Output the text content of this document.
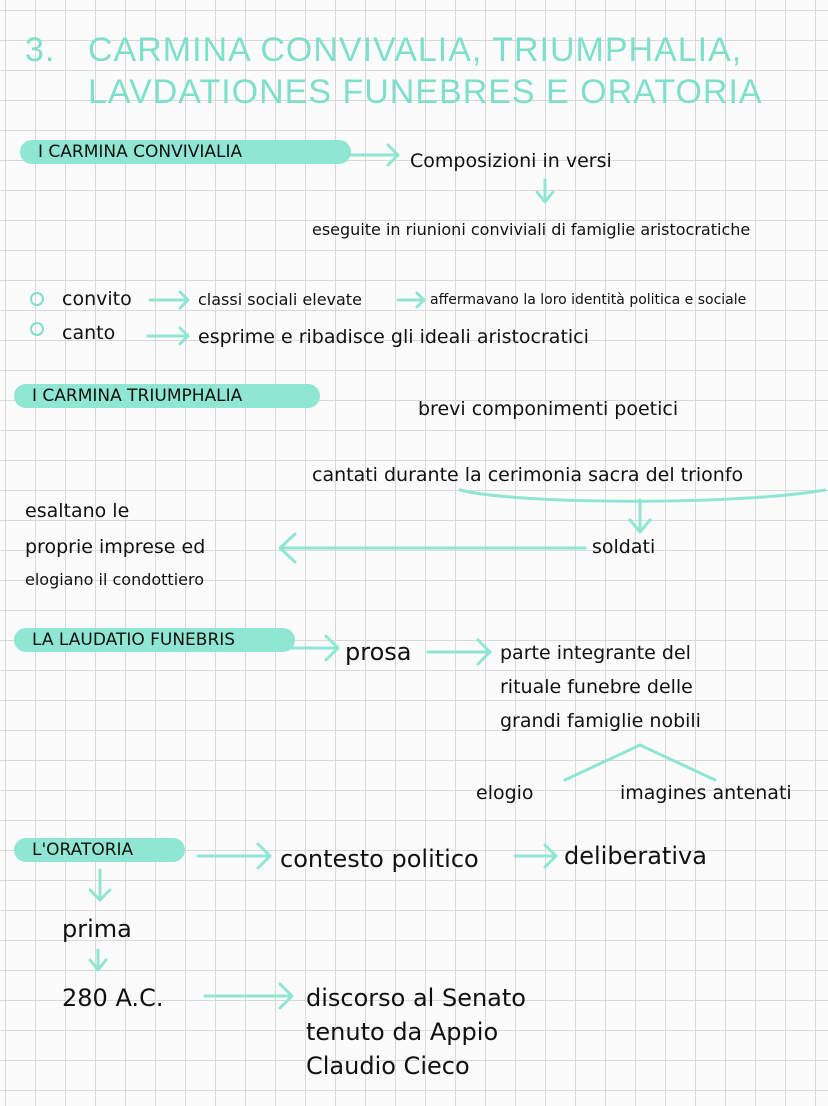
3. CARMINA CONVIVALIA, TRIUMPHALIA,
LAVDATIONES FUNEBRES E ORATORIA
I CARMINA CONVIVIALIA	Composizioni in versi
eseguite in riunioni conviviali di famiglie aristocratiche
convito	classi sociali elevate	affermavano la loro identità politica e sociale
canto	esprime e ribadisce gli ideali aristocratici
I CARMINA TRIUMPHALIA
brevi componimenti poetici
cantati durante la cerimonia sacra del trionfo
soldati
esaltano le
proprie imprese ed
elogiano il condottiero
LA LAUDATIO FUNEBRIS	prosa	parte integrante del
rituale funebre delle
grandi famiglie nobili
elogio	imagines antenati
L'ORATORIA	contesto politico	deliberativa
prima
280 A.C.	discorso al Senato
tenuto da Appio
Claudio Cieco
